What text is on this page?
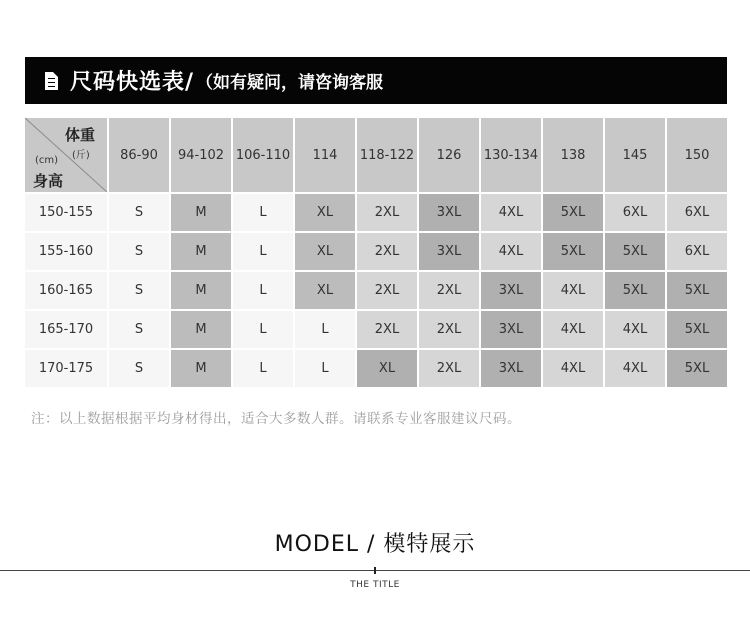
尺码快选表/ （如有疑问，请咨询客服
体重
(斤)
(cm)
身高	86-90	94-102	106-110	114	118-122	126	130-134	138	145	150
150-155	S	M	L	XL	2XL	3XL	4XL	5XL	6XL	6XL
155-160	S	M	L	XL	2XL	3XL	4XL	5XL	5XL	6XL
160-165	S	M	L	XL	2XL	2XL	3XL	4XL	5XL	5XL
165-170	S	M	L	L	2XL	2XL	3XL	4XL	4XL	5XL
170-175	S	M	L	L	XL	2XL	3XL	4XL	4XL	5XL
注：以上数据根据平均身材得出，适合大多数人群。请联系专业客服建议尺码。
MODEL / 模特展示
THE TITLE
